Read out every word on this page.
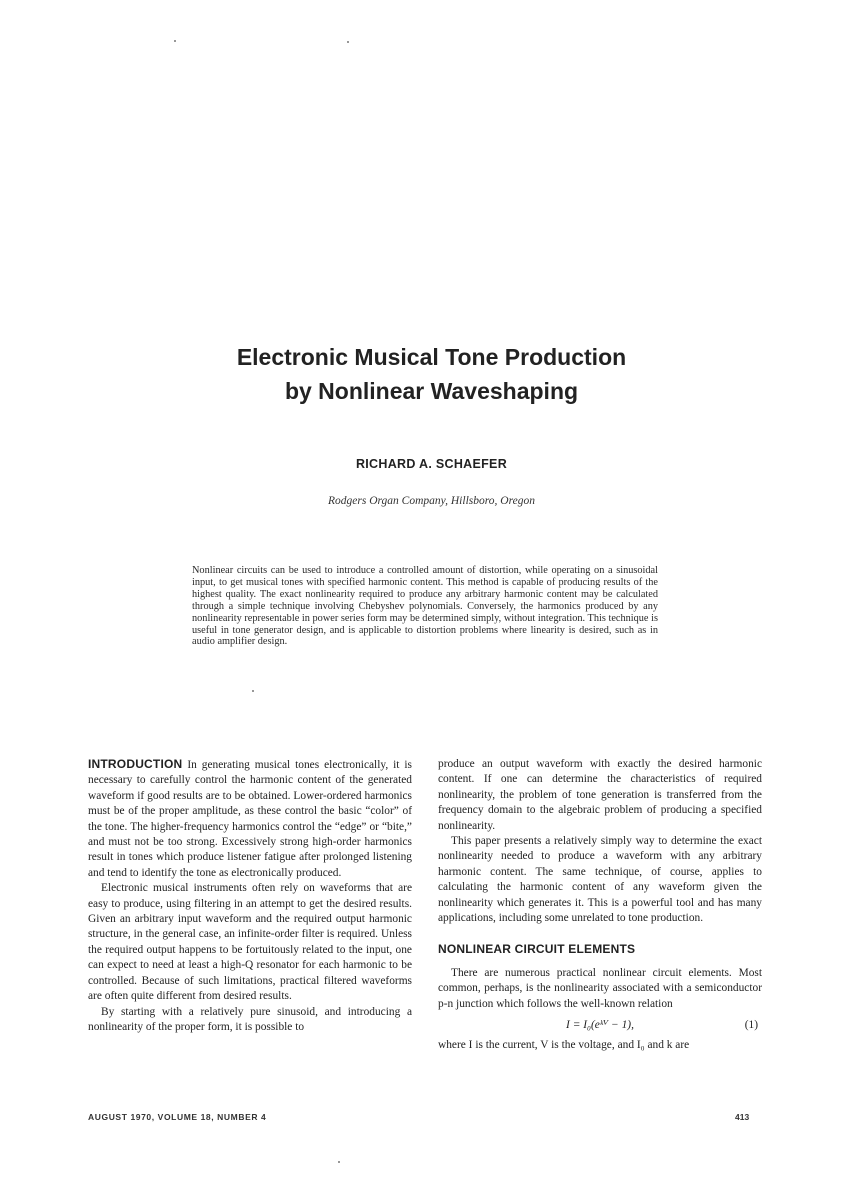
Electronic Musical Tone Production
by Nonlinear Waveshaping
RICHARD A. SCHAEFER
Rodgers Organ Company, Hillsboro, Oregon

Nonlinear circuits can be used to introduce a controlled amount of distortion, while operating on a sinusoidal input, to get musical tones with specified harmonic content. This method is capable of producing results of the highest quality. The exact nonlinearity required to produce any arbitrary harmonic content may be calculated through a simple technique involving Chebyshev polynomials. Conversely, the harmonics produced by any nonlinearity representable in power series form may be determined simply, without integration. This technique is useful in tone generator design, and is applicable to distortion problems where linearity is desired, such as in audio amplifier design.

INTRODUCTION In generating musical tones electronically, it is necessary to carefully control the harmonic content of the generated waveform if good results are to be obtained. Lower-ordered harmonics must be of the proper amplitude, as these control the basic “color” of the tone. The higher-frequency harmonics control the “edge” or “bite,” and must not be too strong. Excessively strong high-order harmonics result in tones which produce listener fatigue after prolonged listening and tend to identify the tone as electronically produced.

Electronic musical instruments often rely on waveforms that are easy to produce, using filtering in an attempt to get the desired results. Given an arbitrary input waveform and the required output harmonic structure, in the general case, an infinite-order filter is required. Unless the required output happens to be fortuitously related to the input, one can expect to need at least a high-Q resonator for each harmonic to be controlled. Because of such limitations, practical filtered waveforms are often quite different from desired results.

By starting with a relatively pure sinusoid, and introducing a nonlinearity of the proper form, it is possible to

produce an output waveform with exactly the desired harmonic content. If one can determine the characteristics of required nonlinearity, the problem of tone generation is transferred from the frequency domain to the algebraic problem of producing a specified nonlinearity.

This paper presents a relatively simply way to determine the exact nonlinearity needed to produce a waveform with any arbitrary harmonic content. The same technique, of course, applies to calculating the harmonic content of any waveform given the nonlinearity which generates it. This is a powerful tool and has many applications, including some unrelated to tone production.

NONLINEAR CIRCUIT ELEMENTS

There are numerous practical nonlinear circuit elements. Most common, perhaps, is the nonlinearity associated with a semiconductor p-n junction which follows the well-known relation

I = I₀(eᵏⱽ − 1),	(1)

where I is the current, V is the voltage, and I₀ and k are

AUGUST 1970, VOLUME 18, NUMBER 4	413
